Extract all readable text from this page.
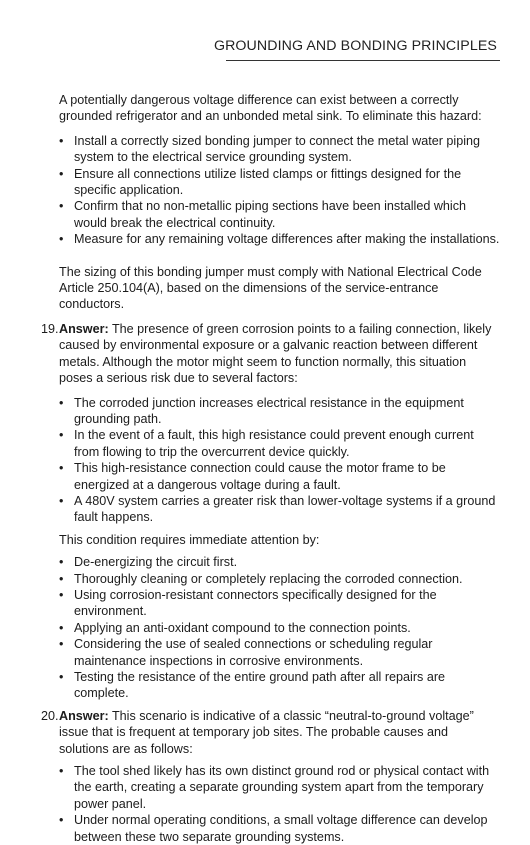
GROUNDING AND BONDING PRINCIPLES

A potentially dangerous voltage difference can exist between a correctly grounded refrigerator and an unbonded metal sink. To eliminate this hazard:

• Install a correctly sized bonding jumper to connect the metal water piping system to the electrical service grounding system.
• Ensure all connections utilize listed clamps or fittings designed for the specific application.
• Confirm that no non-metallic piping sections have been installed which would break the electrical continuity.
• Measure for any remaining voltage differences after making the installations.

The sizing of this bonding jumper must comply with National Electrical Code Article 250.104(A), based on the dimensions of the service-entrance conductors.

19. Answer: The presence of green corrosion points to a failing connection, likely caused by environmental exposure or a galvanic reaction between different metals. Although the motor might seem to function normally, this situation poses a serious risk due to several factors:
• The corroded junction increases electrical resistance in the equipment grounding path.
• In the event of a fault, this high resistance could prevent enough current from flowing to trip the overcurrent device quickly.
• This high-resistance connection could cause the motor frame to be energized at a dangerous voltage during a fault.
• A 480V system carries a greater risk than lower-voltage systems if a ground fault happens.

This condition requires immediate attention by:

• De-energizing the circuit first.
• Thoroughly cleaning or completely replacing the corroded connection.
• Using corrosion-resistant connectors specifically designed for the environment.
• Applying an anti-oxidant compound to the connection points.
• Considering the use of sealed connections or scheduling regular maintenance inspections in corrosive environments.
• Testing the resistance of the entire ground path after all repairs are complete.
20. Answer: This scenario is indicative of a classic “neutral-to-ground voltage” issue that is frequent at temporary job sites. The probable causes and solutions are as follows:
• The tool shed likely has its own distinct ground rod or physical contact with the earth, creating a separate grounding system apart from the temporary power panel.
• Under normal operating conditions, a small voltage difference can develop between these two separate grounding systems.
